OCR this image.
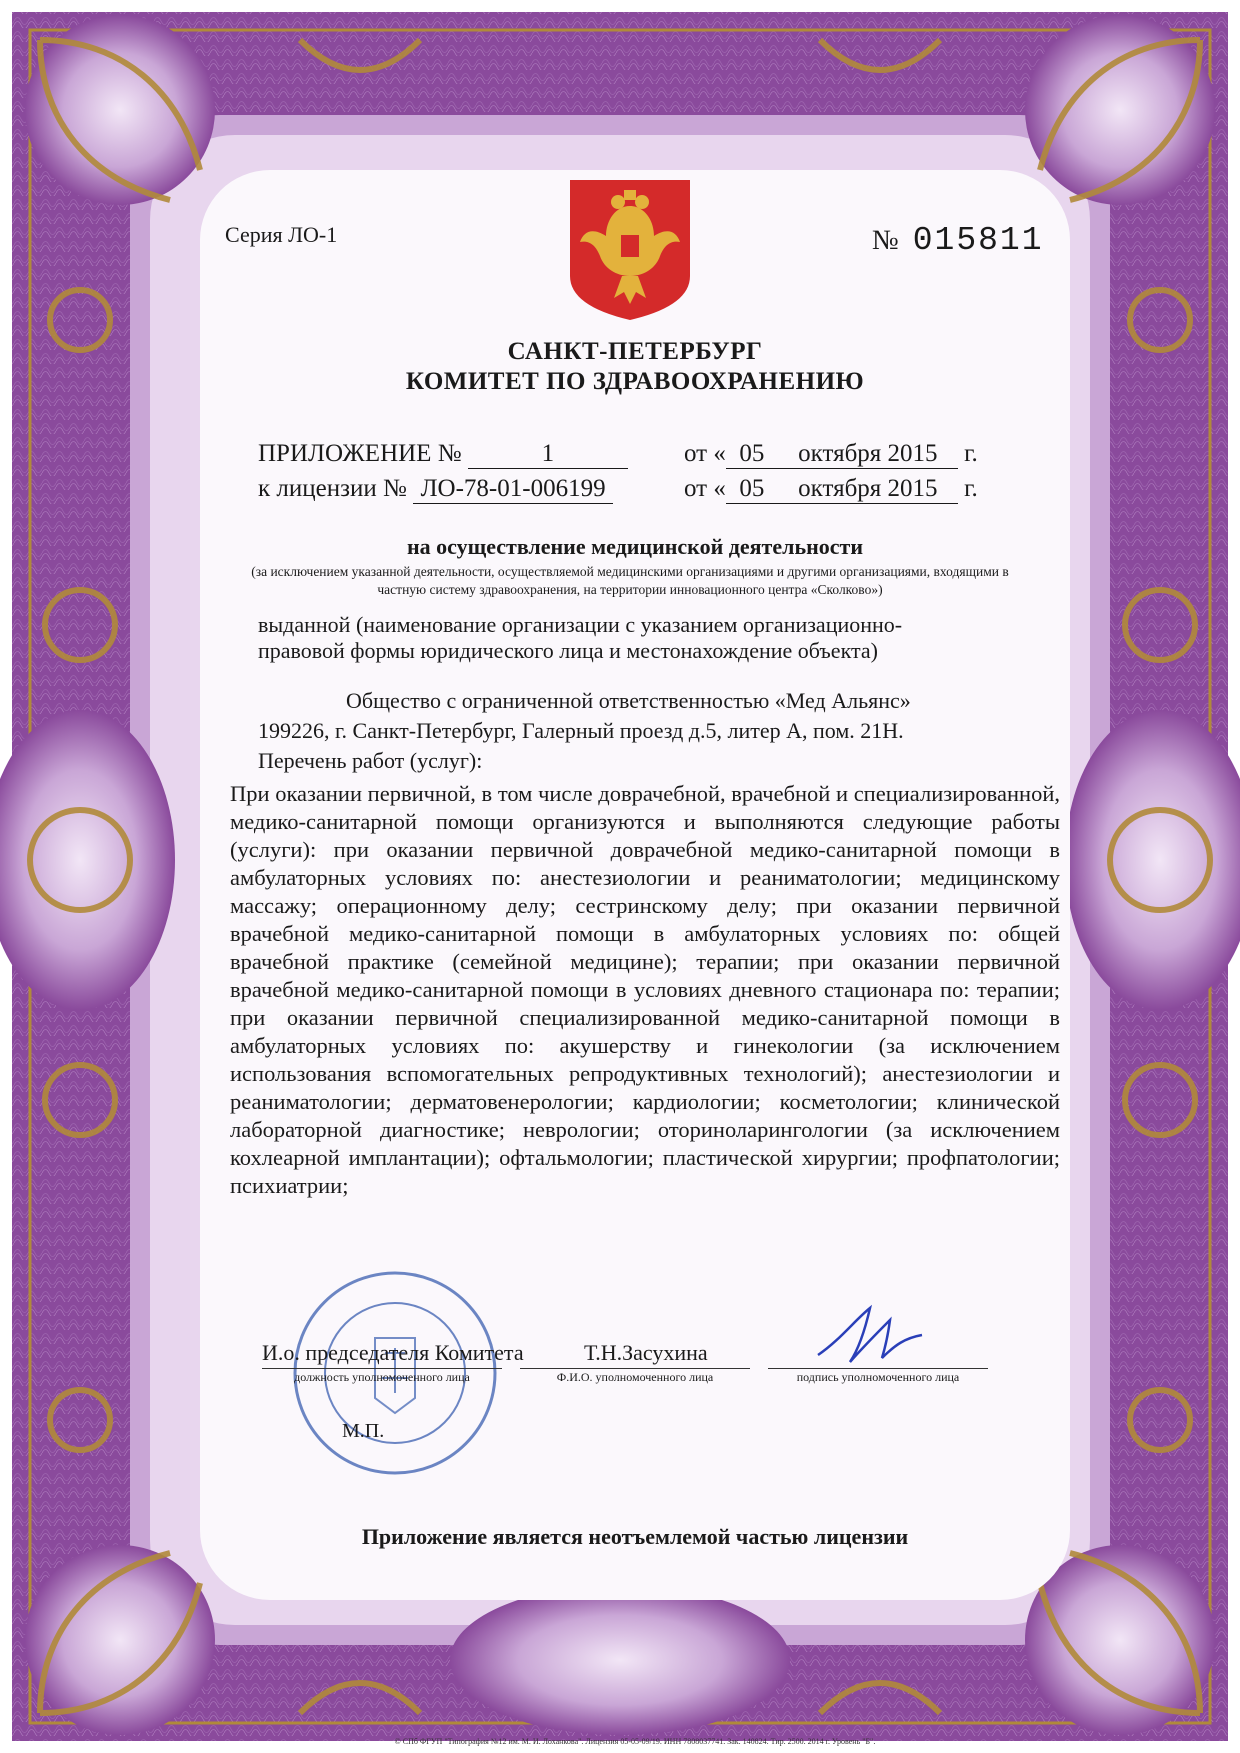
Серия ЛО-1	№ 015811
САНКТ-ПЕТЕРБУРГ
КОМИТЕТ ПО ЗДРАВООХРАНЕНИЮ
ПРИЛОЖЕНИЕ №	1	от « 05 октября 2015 г.
к лицензии № ЛО-78-01-006199	от « 05 октября 2015 г.
на осуществление медицинской деятельности
(за исключением указанной деятельности, осуществляемой медицинскими организациями и другими организациями, входящими в частную систему здравоохранения, на территории инновационного центра «Сколково»)
выданной (наименование организации с указанием организационно-
правовой формы юридического лица и местонахождение объекта)
Общество с ограниченной ответственностью «Мед Альянс»
199226, г. Санкт-Петербург, Галерный проезд д.5, литер А, пом. 21Н.
Перечень работ (услуг):
При оказании первичной, в том числе доврачебной, врачебной и специализированной, медико-санитарной помощи организуются и выполняются следующие работы (услуги): при оказании первичной доврачебной медико-санитарной помощи в амбулаторных условиях по: анестезиологии и реаниматологии; медицинскому массажу; операционному делу; сестринскому делу; при оказании первичной врачебной медико-санитарной помощи в амбулаторных условиях по: общей врачебной практике (семейной медицине); терапии; при оказании первичной врачебной медико-санитарной помощи в условиях дневного стационара по: терапии; при оказании первичной специализированной медико-санитарной помощи в амбулаторных условиях по: акушерству и гинекологии (за исключением использования вспомогательных репродуктивных технологий); анестезиологии и реаниматологии; дерматовенерологии; кардиологии; косметологии; клинической лабораторной диагностике; неврологии; оториноларингологии (за исключением кохлеарной имплантации); офтальмологии; пластической хирургии; профпатологии; психиатрии;
И.о. председателя Комитета	Т.Н.Засухина
должность уполномоченного лица	Ф.И.О. уполномоченного лица	подпись уполномоченного лица
М.П.
Приложение является неотъемлемой частью лицензии
© СПб ФГУП "Типография №12 им. М. И. Лоханкова". Лицензия 05-05-09/19. ИНН 7808037741. Зак. 140824. Тир. 2500. 2014 г. Уровень "Б".
